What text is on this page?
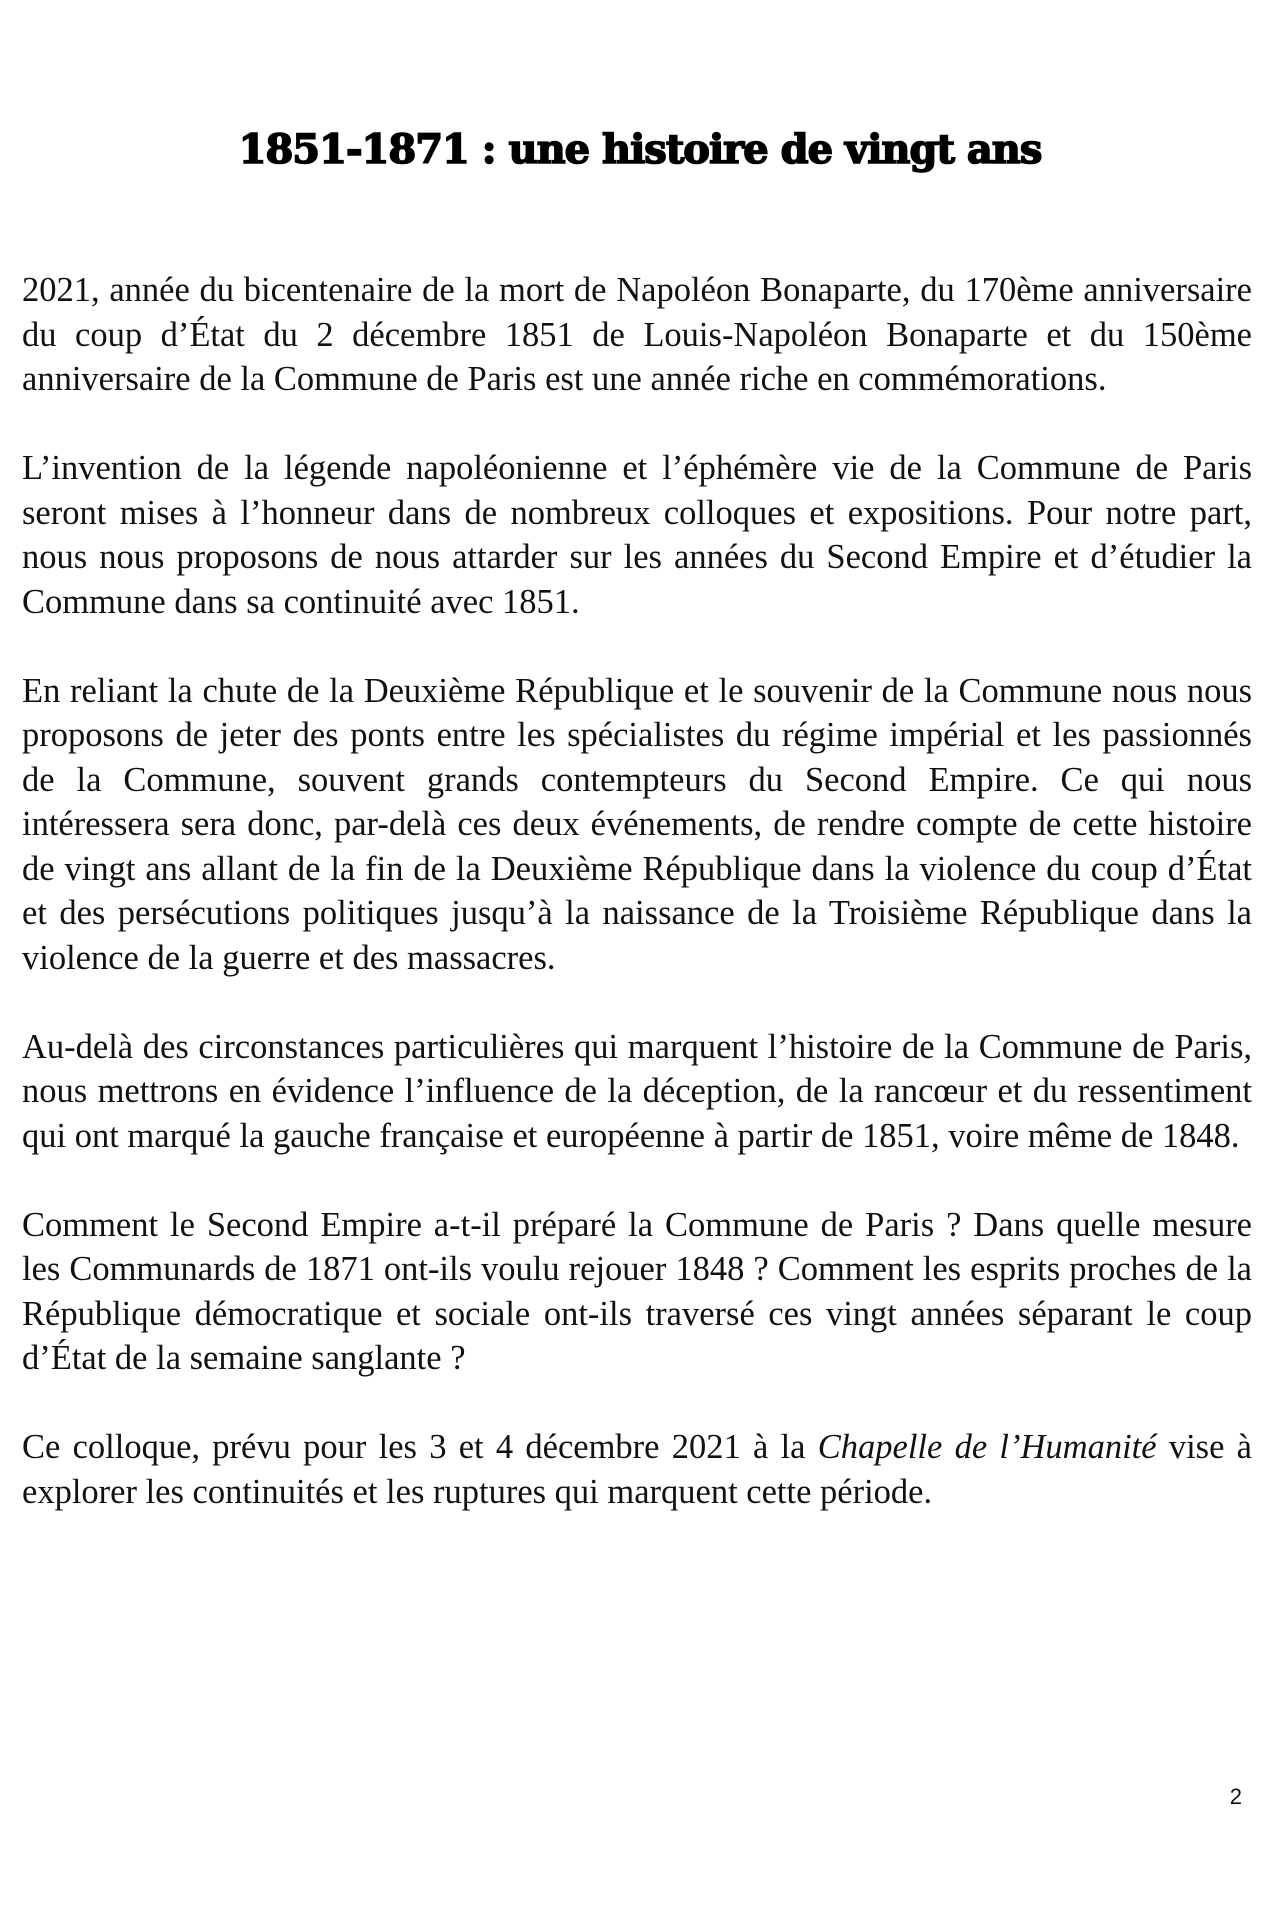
1851-1871 : une histoire de vingt ans

2021, année du bicentenaire de la mort de Napoléon Bonaparte, du 170ème anniversaire du coup d’État du 2 décembre 1851 de Louis-Napoléon Bonaparte et du 150ème anniversaire de la Commune de Paris est une année riche en commémorations.

L’invention de la légende napoléonienne et l’éphémère vie de la Commune de Paris seront mises à l’honneur dans de nombreux colloques et expositions. Pour notre part, nous nous proposons de nous attarder sur les années du Second Empire et d’étudier la Commune dans sa continuité avec 1851.

En reliant la chute de la Deuxième République et le souvenir de la Commune nous nous proposons de jeter des ponts entre les spécialistes du régime impérial et les passionnés de la Commune, souvent grands contempteurs du Second Empire. Ce qui nous intéressera sera donc, par-delà ces deux événements, de rendre compte de cette histoire de vingt ans allant de la fin de la Deuxième République dans la violence du coup d’État et des persécutions politiques jusqu’à la naissance de la Troisième République dans la violence de la guerre et des massacres.

Au-delà des circonstances particulières qui marquent l’histoire de la Commune de Paris, nous mettrons en évidence l’influence de la déception, de la rancœur et du ressentiment qui ont marqué la gauche française et européenne à partir de 1851, voire même de 1848.

Comment le Second Empire a-t-il préparé la Commune de Paris ? Dans quelle mesure les Communards de 1871 ont-ils voulu rejouer 1848 ? Comment les esprits proches de la République démocratique et sociale ont-ils traversé ces vingt années séparant le coup d’État de la semaine sanglante ?

Ce colloque, prévu pour les 3 et 4 décembre 2021 à la Chapelle de l’Humanité vise à explorer les continuités et les ruptures qui marquent cette période.

2
